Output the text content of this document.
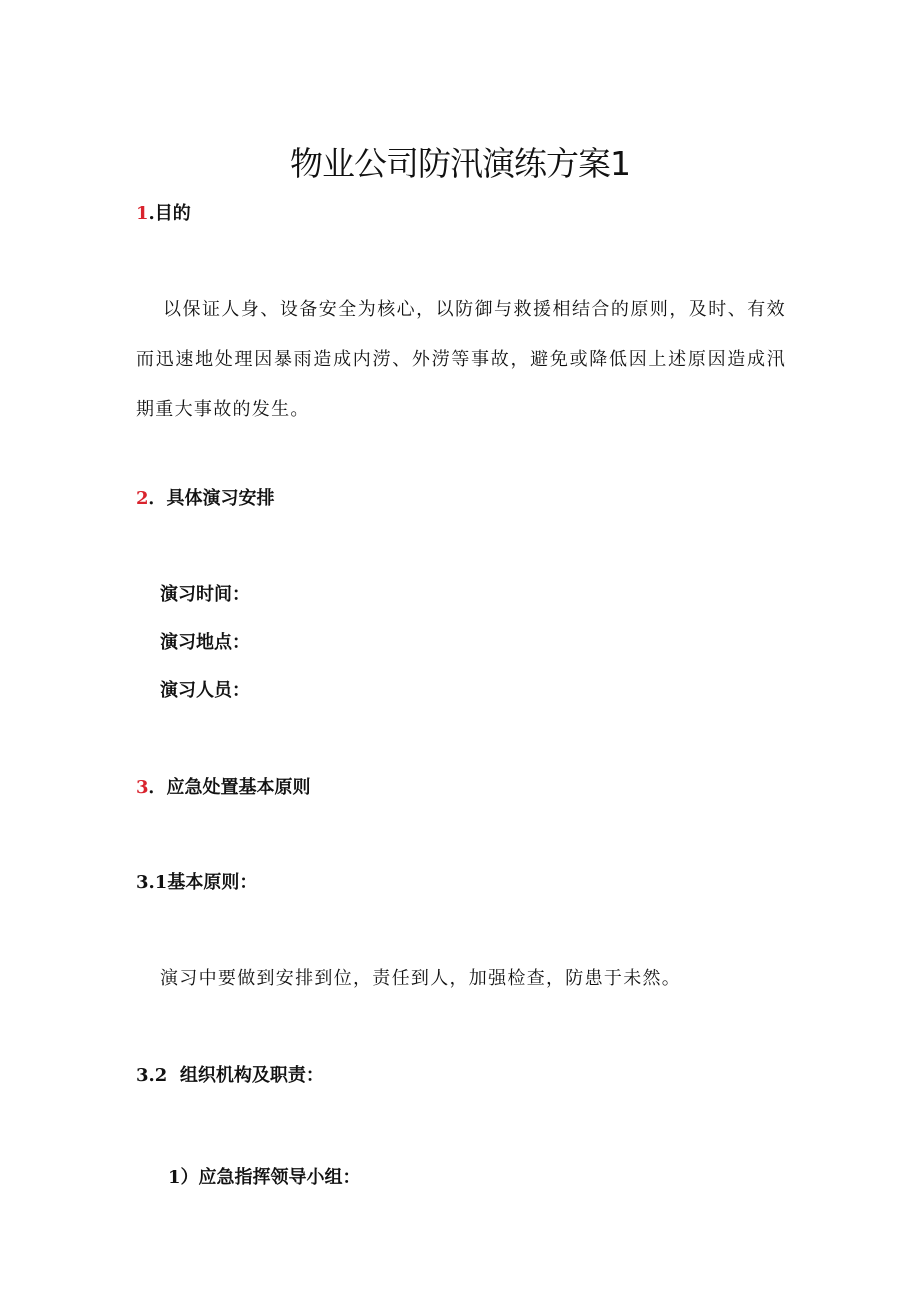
物业公司防汛演练方案1
1.目的
以保证人身、设备安全为核心，以防御与救援相结合的原则，及时、有效而迅速地处理因暴雨造成内涝、外涝等事故，避免或降低因上述原因造成汛期重大事故的发生。
2．具体演习安排
演习时间：
演习地点：
演习人员：
3．应急处置基本原则
3.1基本原则：
演习中要做到安排到位，责任到人，加强检查，防患于未然。
3.2  组织机构及职责：
1）应急指挥领导小组：
